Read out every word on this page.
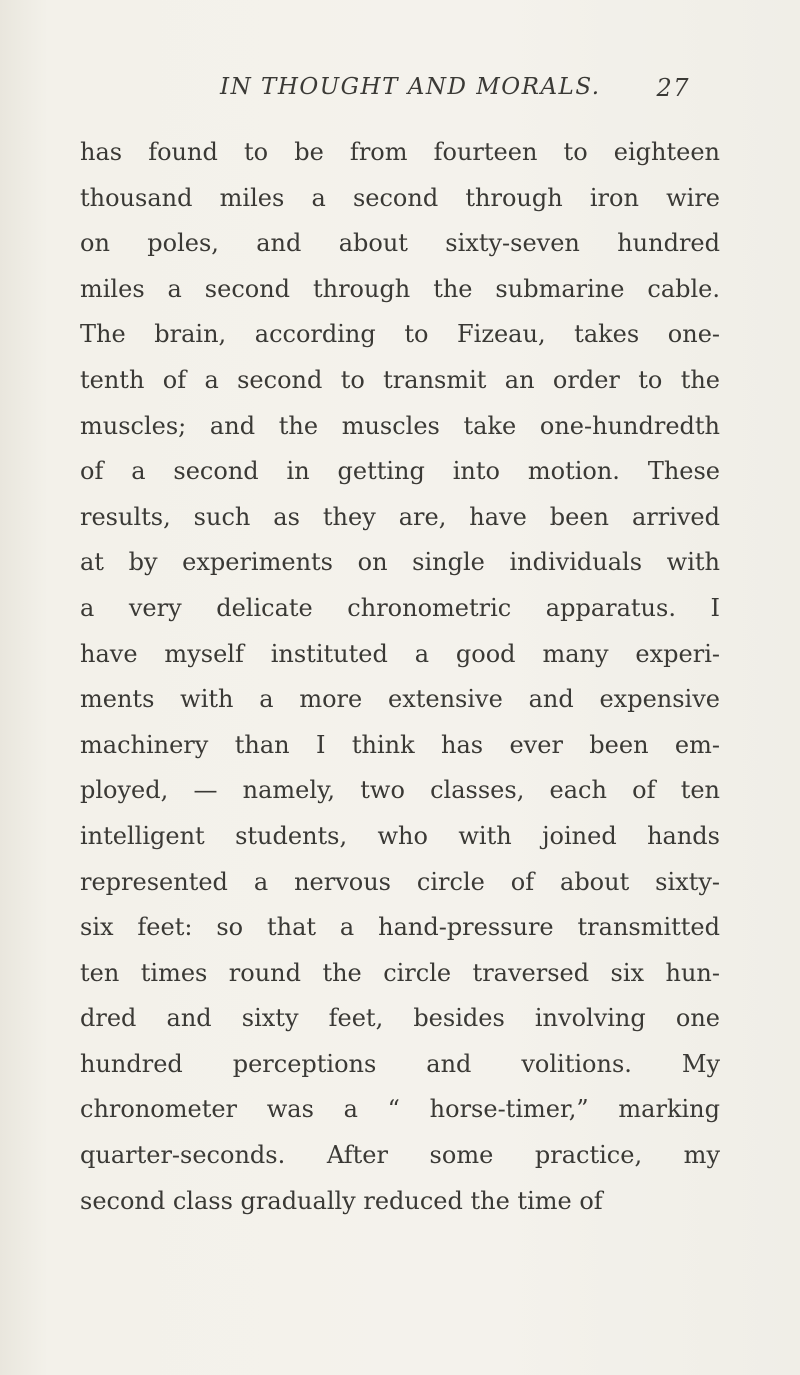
IN THOUGHT AND MORALS. 27
has found to be from fourteen to eighteen
thousand miles a second through iron wire
on poles, and about sixty-seven hundred
miles a second through the submarine cable.
The brain, according to Fizeau, takes one-
tenth of a second to transmit an order to the
muscles; and the muscles take one-hundredth
of a second in getting into motion. These
results, such as they are, have been arrived
at by experiments on single individuals with
a very delicate chronometric apparatus. I
have myself instituted a good many experi-
ments with a more extensive and expensive
machinery than I think has ever been em-
ployed, — namely, two classes, each of ten
intelligent students, who with joined hands
represented a nervous circle of about sixty-
six feet: so that a hand-pressure transmitted
ten times round the circle traversed six hun-
dred and sixty feet, besides involving one
hundred perceptions and volitions. My
chronometer was a “ horse-timer,” marking
quarter-seconds. After some practice, my
second class gradually reduced the time of
